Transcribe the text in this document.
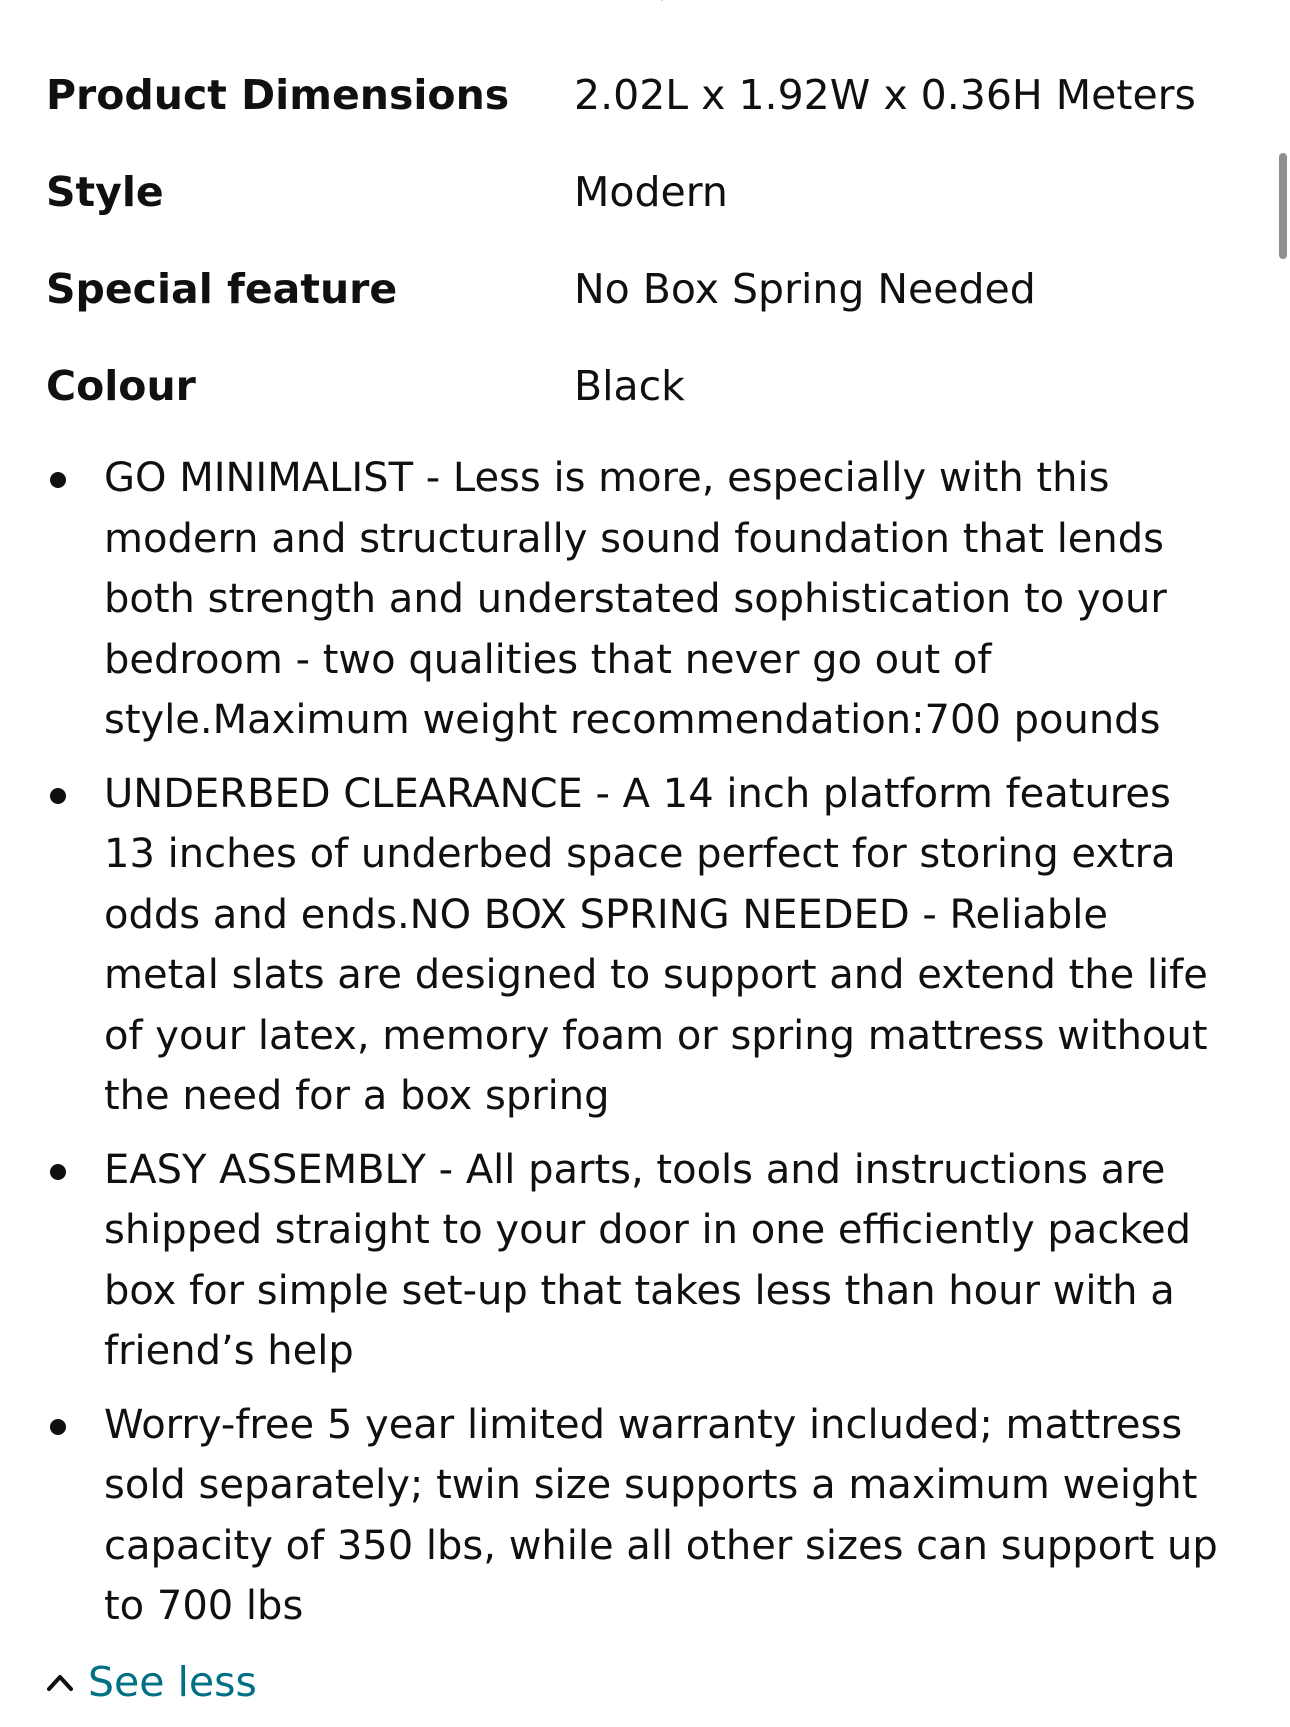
Product Dimensions	2.02L x 1.92W x 0.36H Meters
Style	Modern
Special feature	No Box Spring Needed
Colour	Black
GO MINIMALIST - Less is more, especially with this
modern and structurally sound foundation that lends
both strength and understated sophistication to your
bedroom - two qualities that never go out of
style.Maximum weight recommendation:700 pounds
UNDERBED CLEARANCE - A 14 inch platform features
13 inches of underbed space perfect for storing extra
odds and ends.NO BOX SPRING NEEDED - Reliable
metal slats are designed to support and extend the life
of your latex, memory foam or spring mattress without
the need for a box spring
EASY ASSEMBLY - All parts, tools and instructions are
shipped straight to your door in one efficiently packed
box for simple set-up that takes less than hour with a
friend’s help
Worry-free 5 year limited warranty included; mattress
sold separately; twin size supports a maximum weight
capacity of 350 lbs, while all other sizes can support up
to 700 lbs
See less
